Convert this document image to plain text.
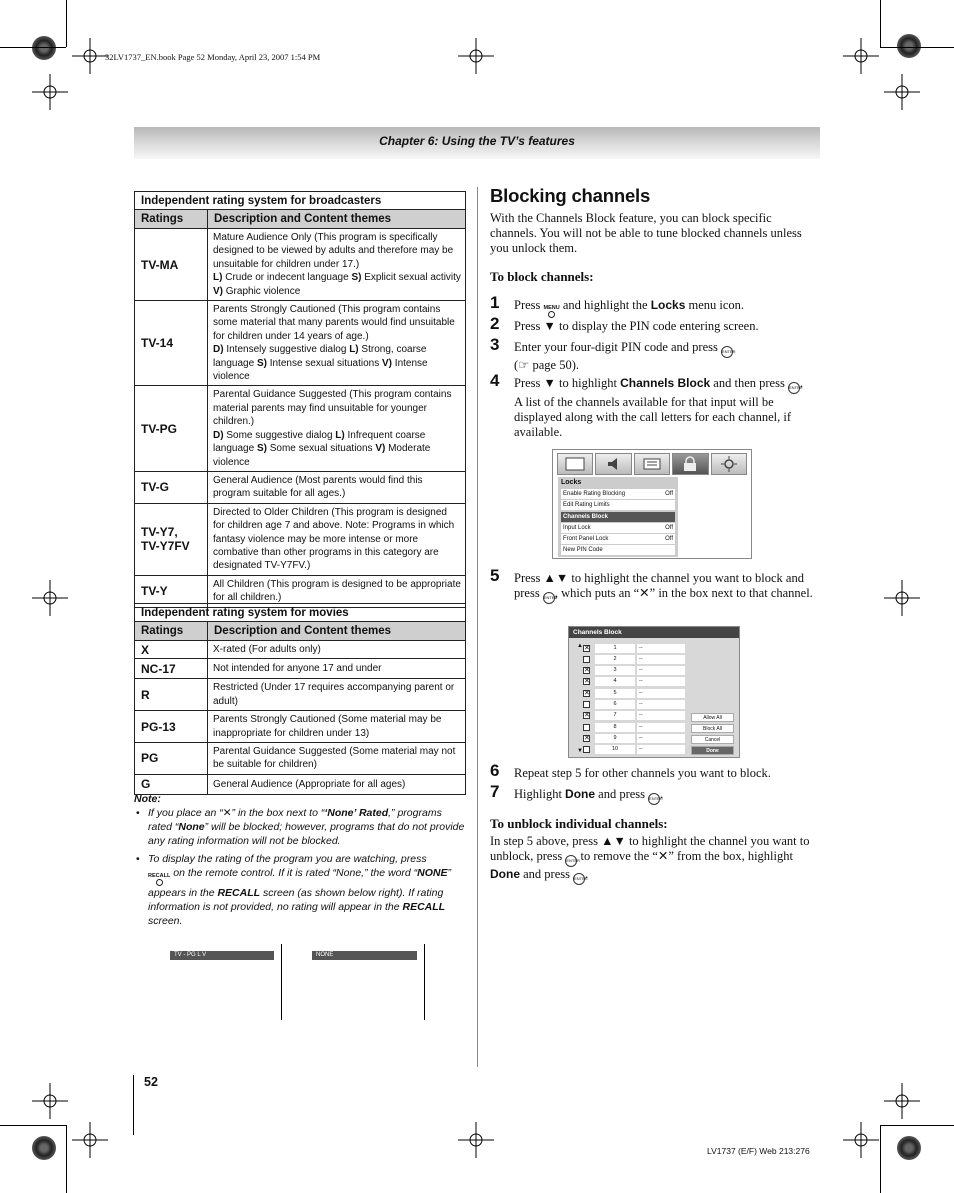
32LV1737_EN.book Page 52 Monday, April 23, 2007 1:54 PM
Chapter 6: Using the TV’s features
Independent rating system for broadcasters	
Ratings	Description and Content themes
TV-MA	Mature Audience Only (This program is specifically designed to be viewed by adults and therefore may be unsuitable for children under 17.)
L) Crude or indecent language S) Explicit sexual activity V) Graphic violence
TV-14	Parents Strongly Cautioned (This program contains some material that many parents would find unsuitable for children under 14 years of age.)
D) Intensely suggestive dialog L) Strong, coarse language S) Intense sexual situations V) Intense violence
TV-PG	Parental Guidance Suggested (This program contains material parents may find unsuitable for younger children.)
D) Some suggestive dialog L) Infrequent coarse language S) Some sexual situations V) Moderate violence
TV-G	General Audience (Most parents would find this program suitable for all ages.)
TV-Y7,
TV-Y7FV	Directed to Older Children (This program is designed for children age 7 and above. Note: Programs in which fantasy violence may be more intense or more combative than other programs in this category are designated TV-Y7FV.)
TV-Y	All Children (This program is designed to be appropriate for all children.)
Independent rating system for movies	
Ratings	Description and Content themes
X	X-rated (For adults only)
NC-17	Not intended for anyone 17 and under
R	Restricted (Under 17 requires accompanying parent or adult)
PG-13	Parents Strongly Cautioned (Some material may be inappropriate for children under 13)
PG	Parental Guidance Suggested (Some material may not be suitable for children)
G	General Audience (Appropriate for all ages)
Note:
• If you place an “✕” in the box next to “‘None’ Rated,” programs rated “None” will be blocked; however, programs that do not provide any rating information will not be blocked.
• To display the rating of the program you are watching, press
RECALL
on the remote control. If it is rated “None,” the word “NONE” appears in the RECALL screen (as shown below right). If rating information is not provided, no rating will appear in the RECALL screen.
TV - PG L V	NONE
Blocking channels
With the Channels Block feature, you can block specific channels. You will not be able to tune blocked channels unless you unlock them.
To block channels:
1 Press MENU
and highlight the Locks menu icon.
2 Press ▼ to display the PIN code entering screen.
3 Enter your four-digit PIN code and press ENTER
(☞ page 50).
4 Press ▼ to highlight Channels Block and then press ENTER.
A list of the channels available for that input will be displayed along with the call letters for each channel, if available.
Locks
Enable Rating Blocking	Off
Edit Rating Limits
Channels Block
Input Lock	Off
Front Panel Lock	Off
New PIN Code
5 Press ▲▼ to highlight the channel you want to block and press ENTER, which puts an “✕” in the box next to that channel.
Channels Block
▲
▼
✕
1	--
2	--
✕
3	--
✕
4	--
✕
5	--
6	--
✕
7	--
8	--
✕
9	--
10	--
Allow All
Block All
Cancel
Done
6 Repeat step 5 for other channels you want to block.
7 Highlight Done and press ENTER.
To unblock individual channels:
In step 5 above, press ▲▼ to highlight the channel you want to unblock, press ENTER to remove the “✕” from the box, highlight Done and press ENTER.
52
LV1737 (E/F) Web 213:276
